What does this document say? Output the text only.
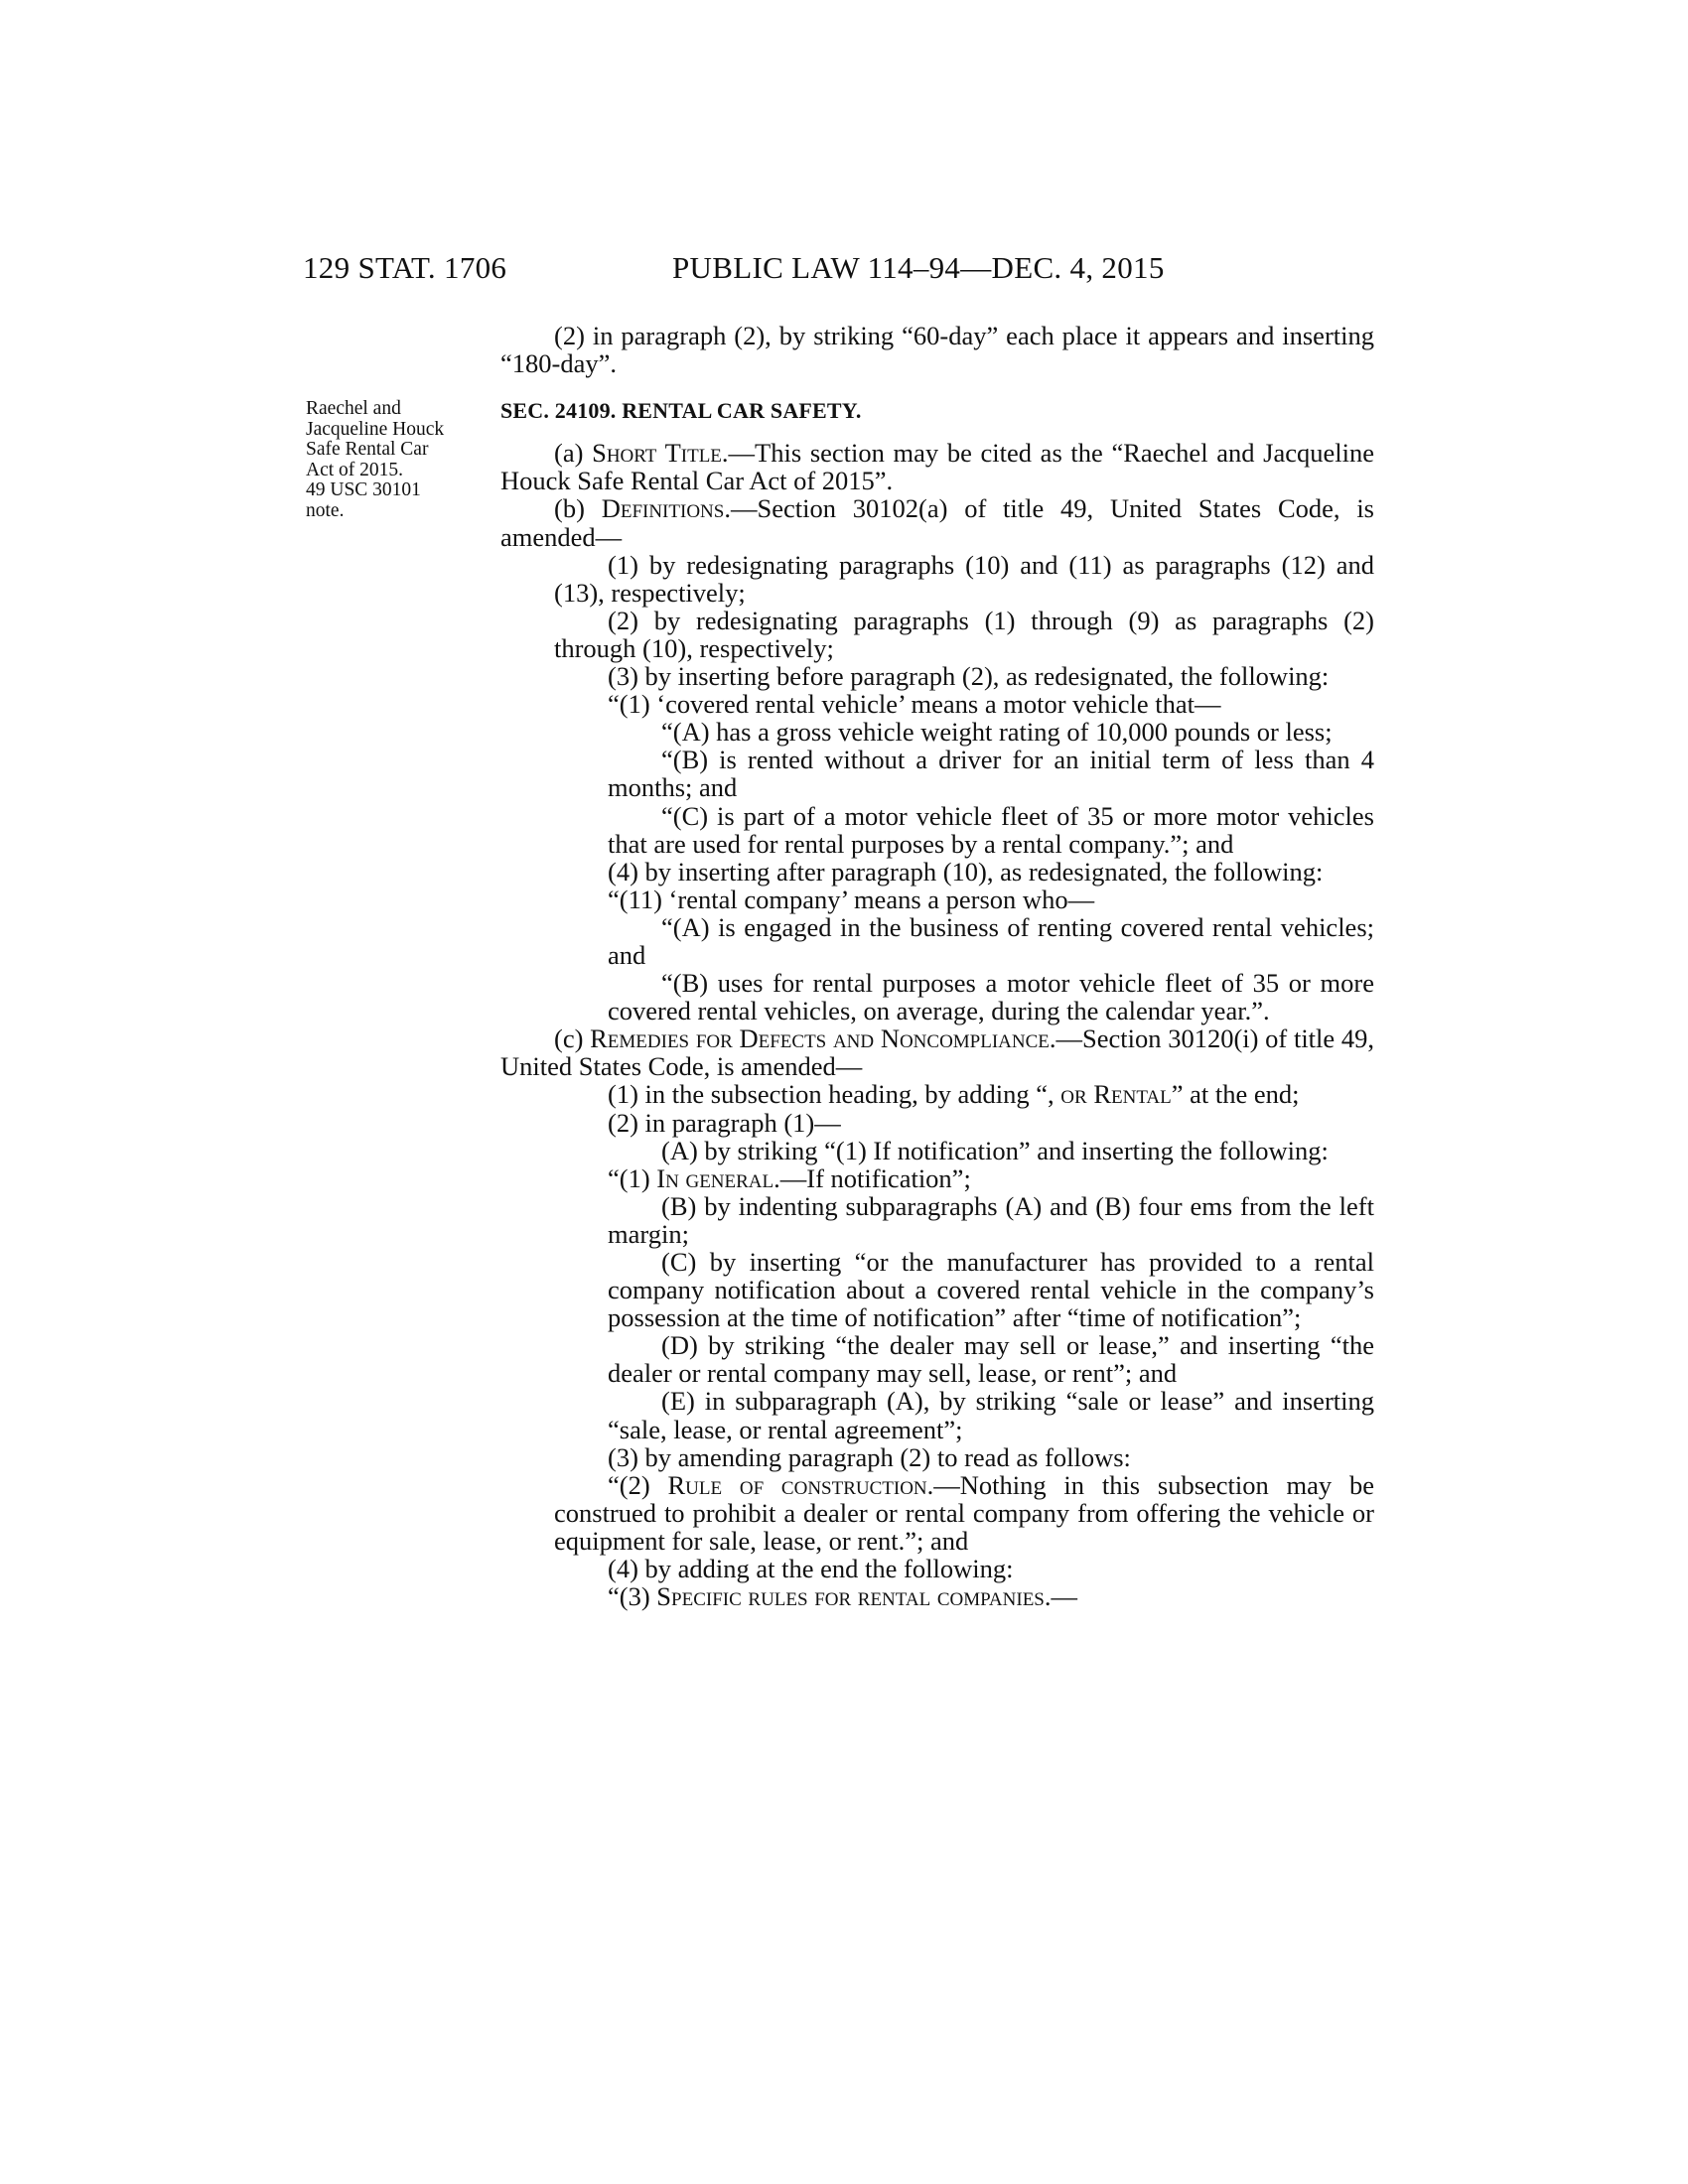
129 STAT. 1706	PUBLIC LAW 114–94—DEC. 4, 2015
Raechel and
Jacqueline Houck
Safe Rental Car
Act of 2015.
49 USC 30101
note.

(2) in paragraph (2), by striking “60-day” each place it appears and inserting “180-day”.

SEC. 24109. RENTAL CAR SAFETY.

(a) Short Title.—This section may be cited as the “Raechel and Jacqueline Houck Safe Rental Car Act of 2015”.

(b) Definitions.—Section 30102(a) of title 49, United States Code, is amended—

(1) by redesignating paragraphs (10) and (11) as paragraphs (12) and (13), respectively;

(2) by redesignating paragraphs (1) through (9) as paragraphs (2) through (10), respectively;

(3) by inserting before paragraph (2), as redesignated, the following:

“(1) ‘covered rental vehicle’ means a motor vehicle that—

“(A) has a gross vehicle weight rating of 10,000 pounds or less;

“(B) is rented without a driver for an initial term of less than 4 months; and

“(C) is part of a motor vehicle fleet of 35 or more motor vehicles that are used for rental purposes by a rental company.”; and

(4) by inserting after paragraph (10), as redesignated, the following:

“(11) ‘rental company’ means a person who—

“(A) is engaged in the business of renting covered rental vehicles; and

“(B) uses for rental purposes a motor vehicle fleet of 35 or more covered rental vehicles, on average, during the calendar year.”.

(c) Remedies for Defects and Noncompliance.—Section 30120(i) of title 49, United States Code, is amended—

(1) in the subsection heading, by adding “, or Rental” at the end;

(2) in paragraph (1)—

(A) by striking “(1) If notification” and inserting the following:

“(1) In general.—If notification”;

(B) by indenting subparagraphs (A) and (B) four ems from the left margin;

(C) by inserting “or the manufacturer has provided to a rental company notification about a covered rental vehicle in the company’s possession at the time of notification” after “time of notification”;

(D) by striking “the dealer may sell or lease,” and inserting “the dealer or rental company may sell, lease, or rent”; and

(E) in subparagraph (A), by striking “sale or lease” and inserting “sale, lease, or rental agreement”;

(3) by amending paragraph (2) to read as follows:

“(2) Rule of construction.—Nothing in this subsection may be construed to prohibit a dealer or rental company from offering the vehicle or equipment for sale, lease, or rent.”; and

(4) by adding at the end the following:

“(3) Specific rules for rental companies.—
